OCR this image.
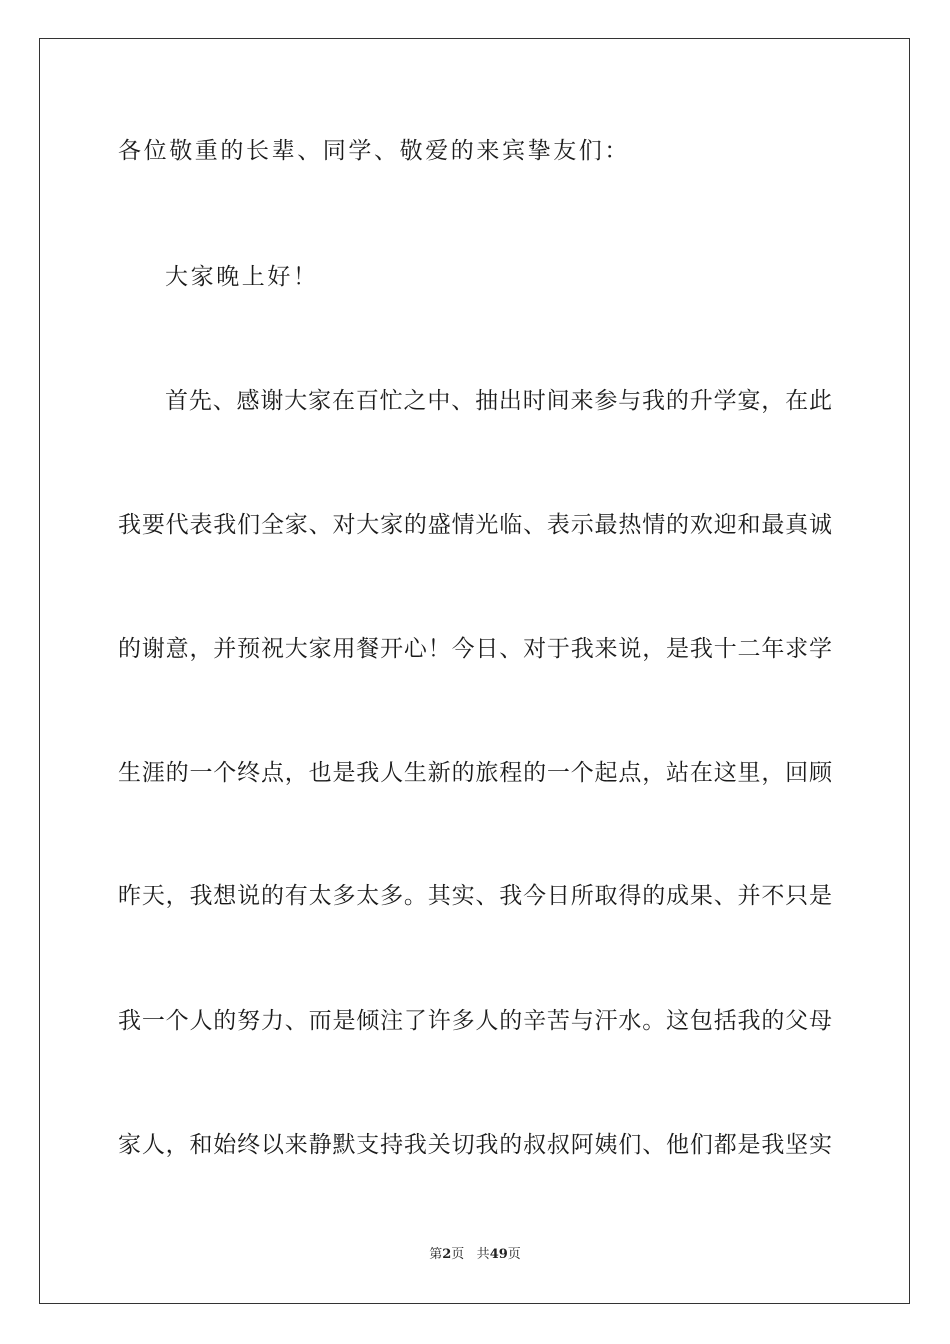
各位敬重的长辈、同学、敬爱的来宾挚友们：
大家晚上好！
首先、感谢大家在百忙之中、抽出时间来参与我的升学宴，在此
我要代表我们全家、对大家的盛情光临、表示最热情的欢迎和最真诚
的谢意，并预祝大家用餐开心！今日、对于我来说，是我十二年求学
生涯的一个终点，也是我人生新的旅程的一个起点，站在这里，回顾
昨天，我想说的有太多太多。其实、我今日所取得的成果、并不只是
我一个人的努力、而是倾注了许多人的辛苦与汗水。这包括我的父母
家人，和始终以来静默支持我关切我的叔叔阿姨们、他们都是我坚实
第2页 共49页
